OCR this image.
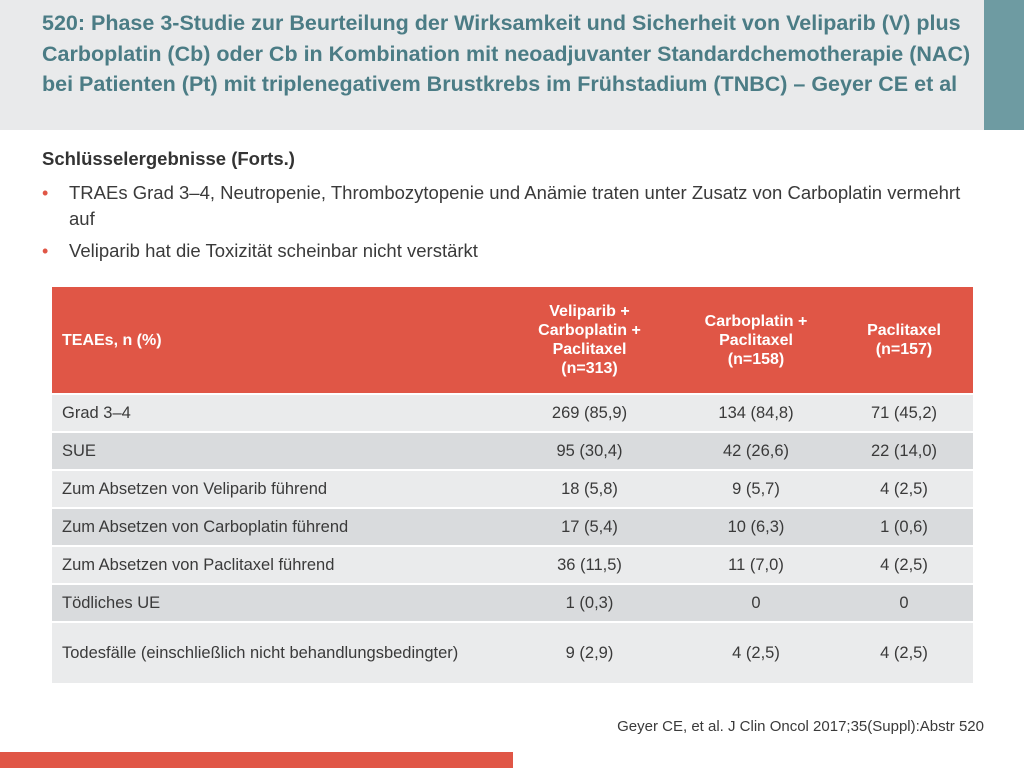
520: Phase 3-Studie zur Beurteilung der Wirksamkeit und Sicherheit von Veliparib (V) plus Carboplatin (Cb) oder Cb in Kombination mit neoadjuvanter Standardchemotherapie (NAC) bei Patienten (Pt) mit triplenegativem Brustkrebs im Frühstadium (TNBC) – Geyer CE et al
Schlüsselergebnisse (Forts.)
• TRAEs Grad 3–4, Neutropenie, Thrombozytopenie und Anämie traten unter Zusatz von Carboplatin vermehrt auf
• Veliparib hat die Toxizität scheinbar nicht verstärkt
TEAEs, n (%)	Veliparib +
Carboplatin +
Paclitaxel
(n=313)	Carboplatin +
Paclitaxel
(n=158)	Paclitaxel
(n=157)
Grad 3–4	269 (85,9)	134 (84,8)	71 (45,2)
SUE	95 (30,4)	42 (26,6)	22 (14,0)
Zum Absetzen von Veliparib führend	18 (5,8)	9 (5,7)	4 (2,5)
Zum Absetzen von Carboplatin führend	17 (5,4)	10 (6,3)	1 (0,6)
Zum Absetzen von Paclitaxel führend	36 (11,5)	11 (7,0)	4 (2,5)
Tödliches UE	1 (0,3)	0	0
Todesfälle (einschließlich nicht behandlungsbedingter)	9 (2,9)	4 (2,5)	4 (2,5)
Geyer CE, et al. J Clin Oncol 2017;35(Suppl):Abstr 520
